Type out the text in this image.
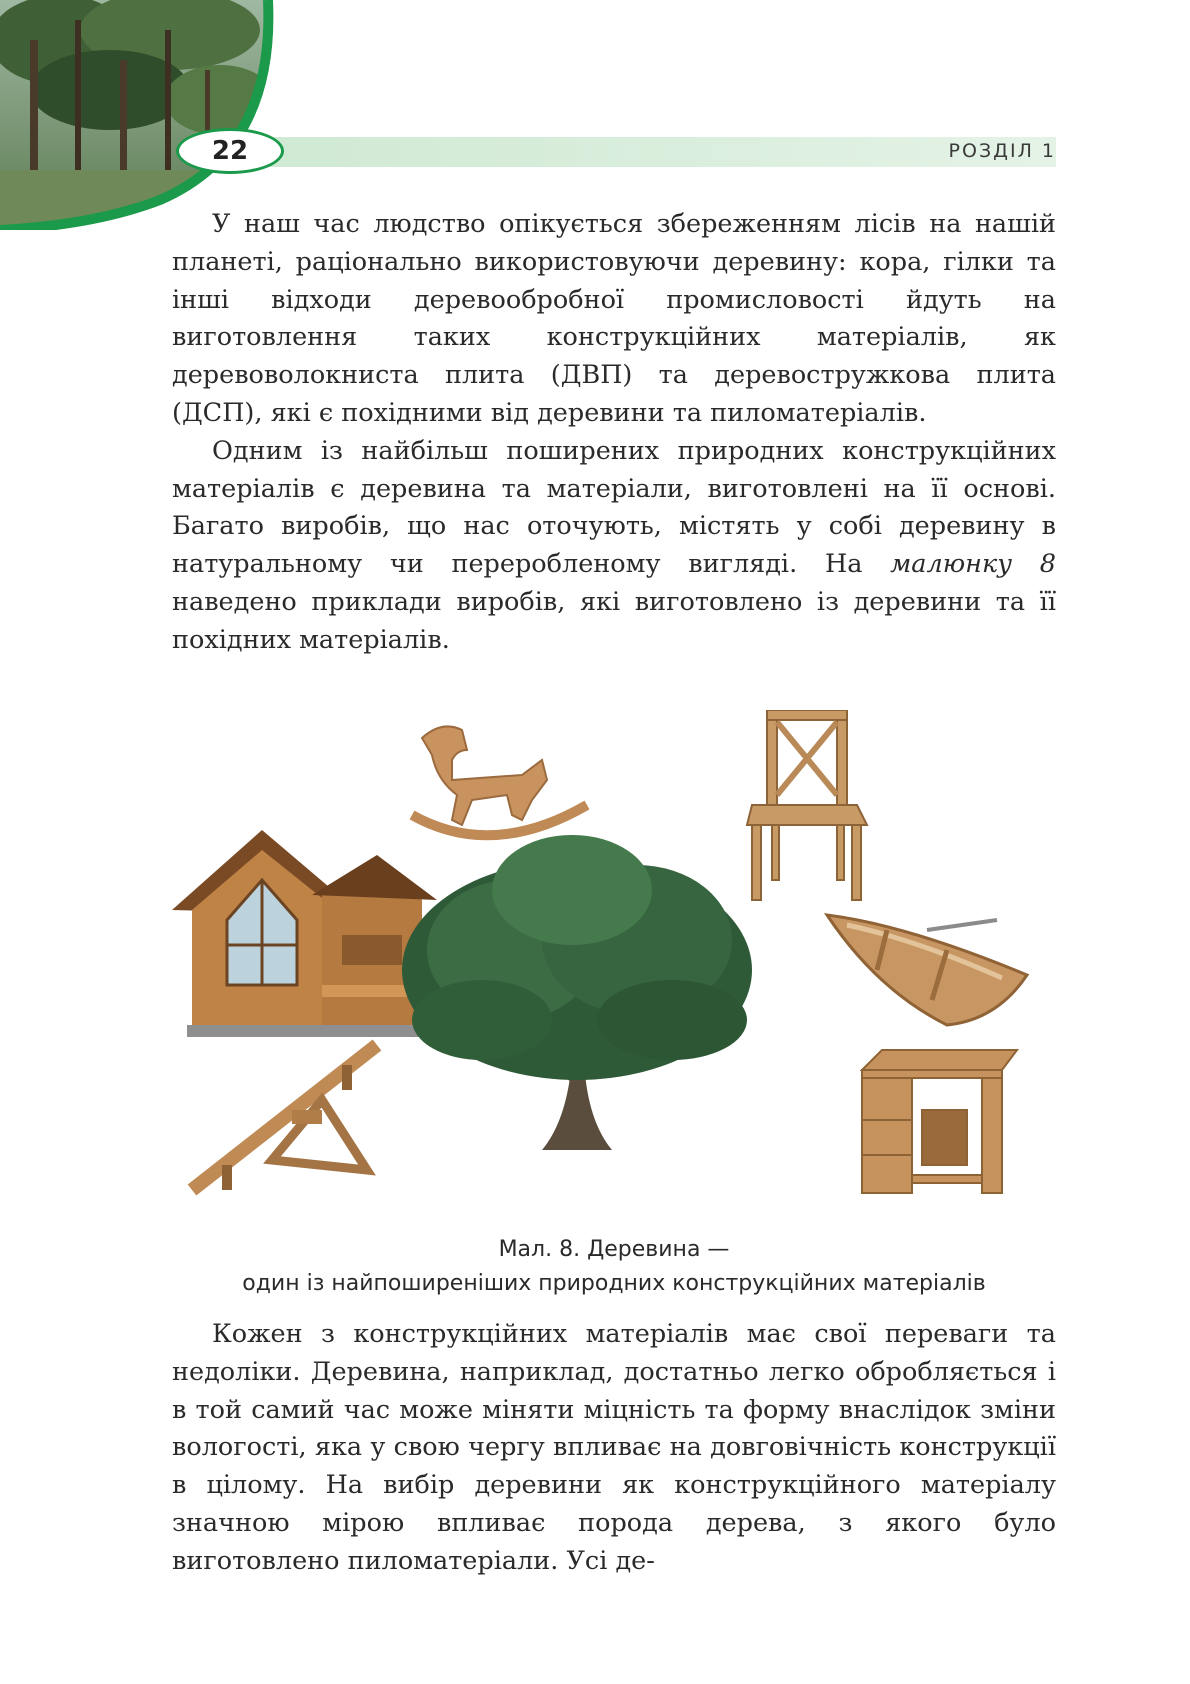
РОЗДІЛ 1
22

У наш час людство опікується збереженням лісів на нашій планеті, раціонально використовуючи деревину: кора, гілки та інші відходи деревообробної промисловості йдуть на виготовлення таких конструкційних матеріалів, як деревоволокниста плита (ДВП) та деревостружкова плита (ДСП), які є похідними від деревини та пиломатеріалів.

Одним із найбільш поширених природних конструкційних матеріалів є деревина та матеріали, виготовлені на її основі. Багато виробів, що нас оточують, містять у собі деревину в натуральному чи переробленому вигляді. На малюнку 8 наведено приклади виробів, які виготовлено із деревини та її похідних матеріалів.

Мал. 8. Деревина —
один із найпоширеніших природних конструкційних матеріалів

Кожен з конструкційних матеріалів має свої переваги та недоліки. Деревина, наприклад, достатньо легко обробляється і в той самий час може міняти міцність та форму внаслідок зміни вологості, яка у свою чергу впливає на довговічність конструкції в цілому. На вибір деревини як конструкційного матеріалу значною мірою впливає порода дерева, з якого було виготовлено пиломатеріали. Усі де-
